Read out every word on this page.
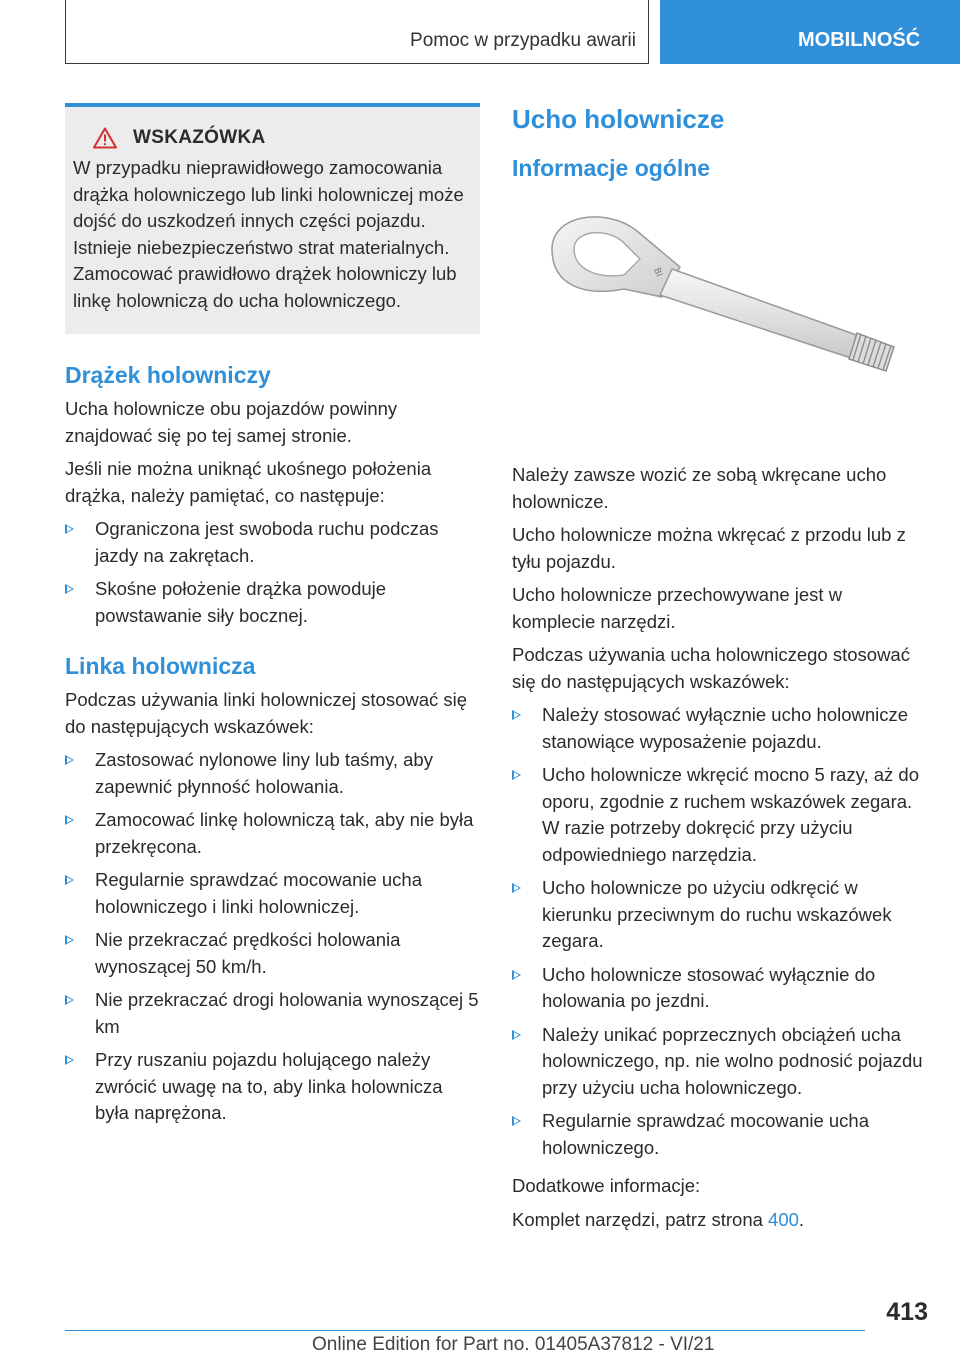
Pomoc w przypadku awarii	MOBILNOŚĆ
WSKAZÓWKA
W przypadku nieprawidłowego zamocowania drążka holowniczego lub linki holowniczej może dojść do uszkodzeń innych części pojazdu. Istnieje niebezpieczeństwo strat materialnych. Zamocować prawidłowo drążek holowniczy lub linkę holowniczą do ucha holowniczego.
Drążek holowniczy

Ucha holownicze obu pojazdów powinny znajdować się po tej samej stronie.

Jeśli nie można uniknąć ukośnego położenia drążka, należy pamiętać, co następuje:

Ograniczona jest swoboda ruchu podczas jazdy na zakrętach.
Skośne położenie drążka powoduje powstawanie siły bocznej.
Linka holownicza

Podczas używania linki holowniczej stosować się do następujących wskazówek:

Zastosować nylonowe liny lub taśmy, aby zapewnić płynność holowania.
Zamocować linkę holowniczą tak, aby nie była przekręcona.
Regularnie sprawdzać mocowanie ucha holowniczego i linki holowniczej.
Nie przekraczać prędkości holowania wynoszącej 50 km/h.
Nie przekraczać drogi holowania wynoszącej 5 km
Przy ruszaniu pojazdu holującego należy zwrócić uwagę na to, aby linka holownicza była naprężona.
Ucho holownicze
Informacje ogólne
BI

Należy zawsze wozić ze sobą wkręcane ucho holownicze.

Ucho holownicze można wkręcać z przodu lub z tyłu pojazdu.

Ucho holownicze przechowywane jest w komplecie narzędzi.

Podczas używania ucha holowniczego stosować się do następujących wskazówek:

Należy stosować wyłącznie ucho holownicze stanowiące wyposażenie pojazdu.
Ucho holownicze wkręcić mocno 5 razy, aż do oporu, zgodnie z ruchem wskazówek zegara. W razie potrzeby dokręcić przy użyciu odpowiedniego narzędzia.
Ucho holownicze po użyciu odkręcić w kierunku przeciwnym do ruchu wskazówek zegara.
Ucho holownicze stosować wyłącznie do holowania po jezdni.
Należy unikać poprzecznych obciążeń ucha holowniczego, np. nie wolno podnosić pojazdu przy użyciu ucha holowniczego.
Regularnie sprawdzać mocowanie ucha holowniczego.

Dodatkowe informacje:

Komplet narzędzi, patrz strona 400.

413
Online Edition for Part no. 01405A37812 - VI/21
